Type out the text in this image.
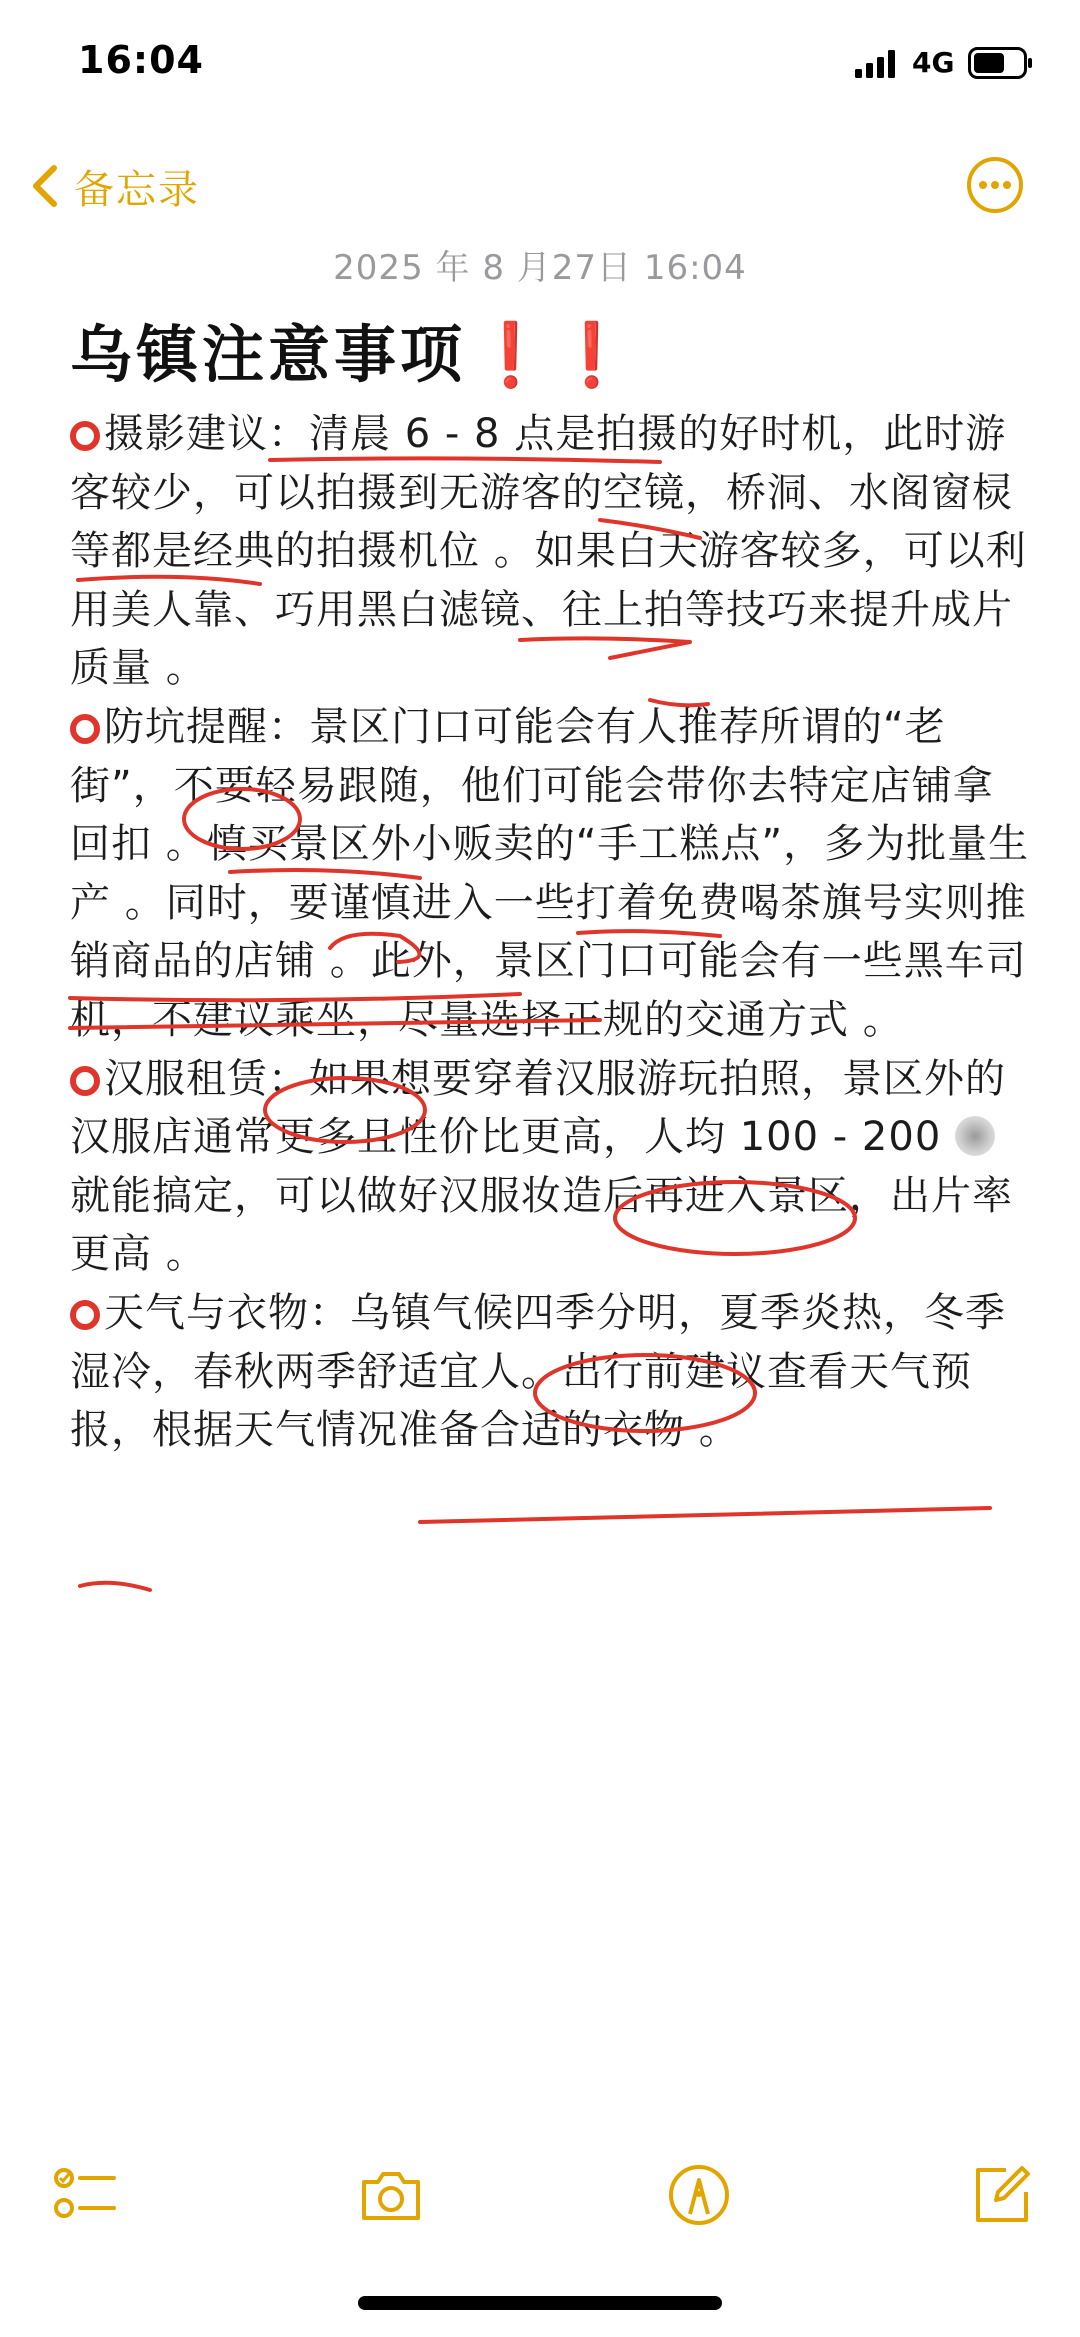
16:04	4G
备忘录
2025 年 8 月27日 16:04
乌镇注意事项❗️❗️

摄影建议：清晨 6 - 8 点是拍摄的好时机，此时游客较少，可以拍摄到无游客的空镜，桥洞、水阁窗棂等都是经典的拍摄机位 。如果白天游客较多，可以利用美人靠、巧用黑白滤镜、往上拍等技巧来提升成片质量 。

防坑提醒：景区门口可能会有人推荐所谓的“老街”，不要轻易跟随，他们可能会带你去特定店铺拿回扣 。慎买景区外小贩卖的“手工糕点”，多为批量生产 。同时，要谨慎进入一些打着免费喝茶旗号实则推销商品的店铺 。此外，景区门口可能会有一些黑车司机，不建议乘坐，尽量选择正规的交通方式 。

汉服租赁：如果想要穿着汉服游玩拍照，景区外的汉服店通常更多且性价比更高，人均 100 - 200 就能搞定，可以做好汉服妆造后再进入景区，出片率更高 。

天气与衣物：乌镇气候四季分明，夏季炎热，冬季湿冷，春秋两季舒适宜人。出行前建议查看天气预报，根据天气情况准备合适的衣物 。
